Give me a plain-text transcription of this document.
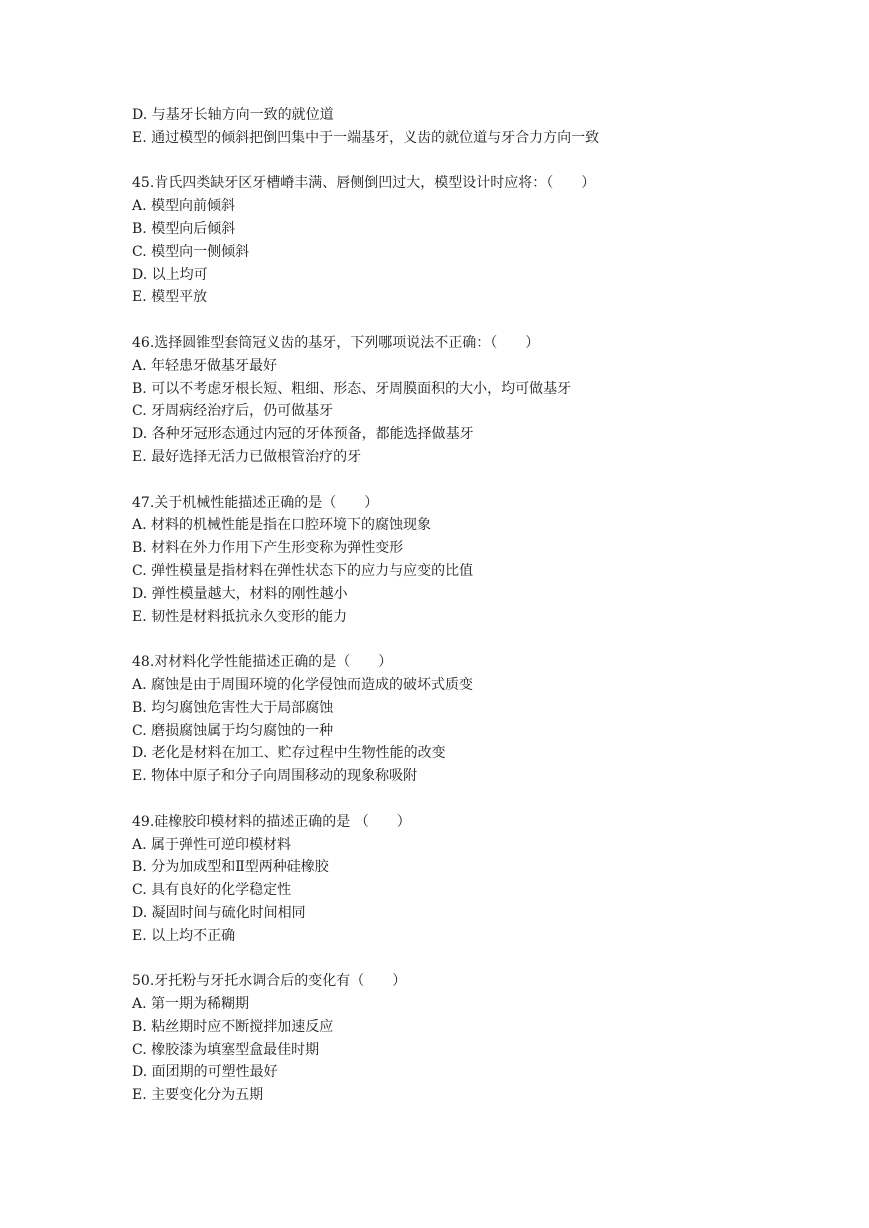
D. 与基牙长轴方向一致的就位道
E. 通过模型的倾斜把倒凹集中于一端基牙，义齿的就位道与牙合力方向一致
45.肯氏四类缺牙区牙槽嵴丰满、唇侧倒凹过大，模型设计时应将：（　　）
A. 模型向前倾斜
B. 模型向后倾斜
C. 模型向一侧倾斜
D. 以上均可
E. 模型平放
46.选择圆锥型套筒冠义齿的基牙，下列哪项说法不正确：（　　）
A. 年轻患牙做基牙最好
B. 可以不考虑牙根长短、粗细、形态、牙周膜面积的大小，均可做基牙
C. 牙周病经治疗后，仍可做基牙
D. 各种牙冠形态通过内冠的牙体预备，都能选择做基牙
E. 最好选择无活力已做根管治疗的牙
47.关于机械性能描述正确的是（　　）
A. 材料的机械性能是指在口腔环境下的腐蚀现象
B. 材料在外力作用下产生形变称为弹性变形
C. 弹性模量是指材料在弹性状态下的应力与应变的比值
D. 弹性模量越大，材料的刚性越小
E. 韧性是材料抵抗永久变形的能力
48.对材料化学性能描述正确的是（　　）
A. 腐蚀是由于周围环境的化学侵蚀而造成的破坏式质变
B. 均匀腐蚀危害性大于局部腐蚀
C. 磨损腐蚀属于均匀腐蚀的一种
D. 老化是材料在加工、贮存过程中生物性能的改变
E. 物体中原子和分子向周围移动的现象称吸附
49.硅橡胶印模材料的描述正确的是 （　　）
A. 属于弹性可逆印模材料
B. 分为加成型和Ⅱ型两种硅橡胶
C. 具有良好的化学稳定性
D. 凝固时间与硫化时间相同
E. 以上均不正确
50.牙托粉与牙托水调合后的变化有（　　）
A. 第一期为稀糊期
B. 粘丝期时应不断搅拌加速反应
C. 橡胶漆为填塞型盒最佳时期
D. 面团期的可塑性最好
E. 主要变化分为五期
